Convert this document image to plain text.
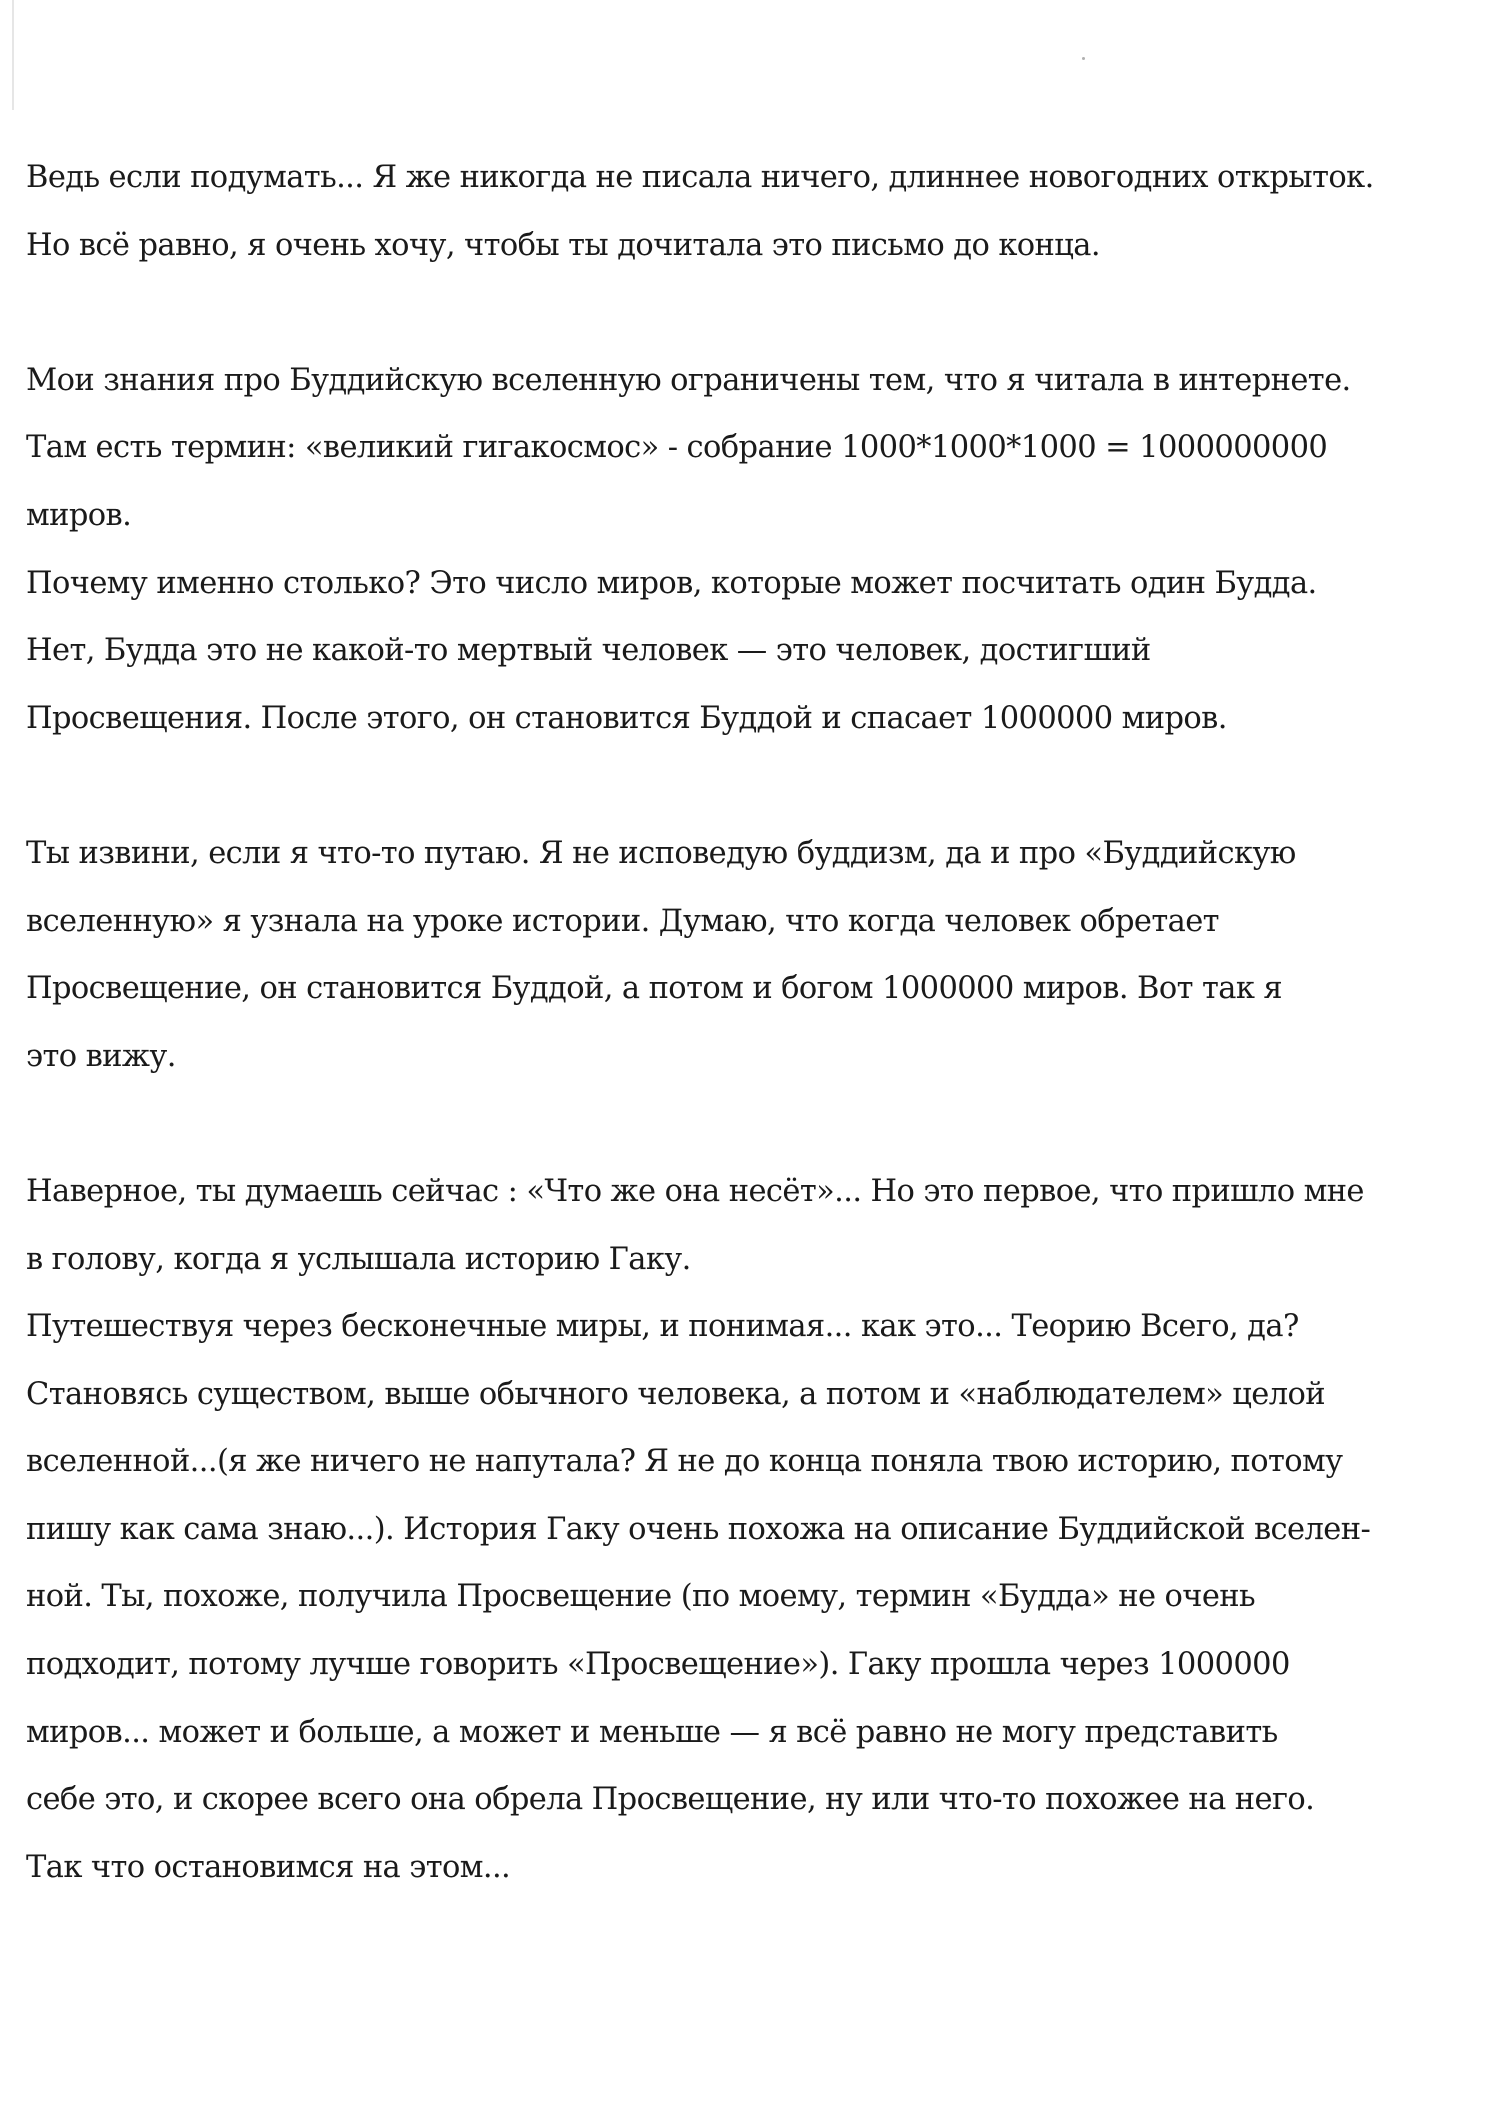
Ведь если подумать... Я же никогда не писала ничего, длиннее новогодних открыток.
Но всё равно, я очень хочу, чтобы ты дочитала это письмо до конца.
Мои знания про Буддийскую вселенную ограничены тем, что я читала в интернете.
Там есть термин: «великий гигакосмос» - собрание 1000*1000*1000 = 1000000000
миров.
Почему именно столько? Это число миров, которые может посчитать один Будда.
Нет, Будда это не какой-то мертвый человек — это человек, достигший
Просвещения. После этого, он становится Буддой и спасает 1000000 миров.
Ты извини, если я что-то путаю. Я не исповедую буддизм, да и про «Буддийскую
вселенную» я узнала на уроке истории. Думаю, что когда человек обретает
Просвещение, он становится Буддой, а потом и богом 1000000 миров. Вот так я
это вижу.
Наверное, ты думаешь сейчас : «Что же она несёт»... Но это первое, что пришло мне
в голову, когда я услышала историю Гаку.
Путешествуя через бесконечные миры, и понимая... как это... Теорию Всего, да?
Становясь существом, выше обычного человека, а потом и «наблюдателем» целой
вселенной...(я же ничего не напутала? Я не до конца поняла твою историю, потому
пишу как сама знаю...). История Гаку очень похожа на описание Буддийской вселен-
ной. Ты, похоже, получила Просвещение (по моему, термин «Будда» не очень
подходит, потому лучше говорить «Просвещение»). Гаку прошла через 1000000
миров... может и больше, а может и меньше — я всё равно не могу представить
себе это, и скорее всего она обрела Просвещение, ну или что-то похожее на него.
Так что остановимся на этом...
